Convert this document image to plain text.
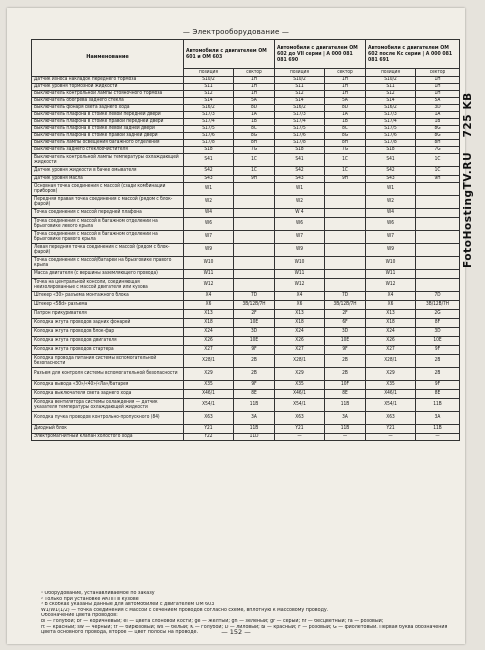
— Электрооборудование —
Наименование	Автомобили с двигателем ОМ 601 и ОМ 603		Автомобили с двигателем ОМ 602 до VII серии | А 000 081 081 690		Автомобили с двигателем ОМ 602 после Кс серии | А 000 081 081 691	
	позиция	сектор	позиция	сектор	позиция	сектор
Датчик износа накладок переднего тормоза	S10/2	1H	S10/2	1H	S10/2	1H
Датчик уровня тормозной жидкости	S11	1H	S11	1H	S11	1H
Выключатель контрольной лампы стояночного тормоза	S12	1H	S12	1H	S12	1H
Выключатель обогрева заднего стекла	S14	5A	S14	5A	S14	5A
Выключатель фонаря света заднего хода	S16/2	8D	S16/2	8D	S16/2	3D
Выключатель плафона в стойке левой передней двери	S17/3	1A	S17/3	1A	S17/3	1A
Выключатель плафона в стойке правой передней двери	S17/4	1B	S17/4	1B	S17/4	1B
Выключатель плафона в стойке левой задней двери	S17/5	8C	S17/5	8C	S17/5	8G
Выключатель плафона в стойке правой задней двери	S17/6	8G	S17/6	8G	S17/6	8G
Выключатель лампы освещения багажного отделения	S17/8	8H	S17/8	8H	S17/8	8H
Выключатель заднего стеклоочистителя	S18	7G	S18	7G	S18	7G
Выключатель контрольной лампы температуры охлаждающей жидкости	S41	1C	S41	1C	S41	1C
Датчик уровня жидкости в бачке омывателя	S42	1C	S42	1C	S42	1C
Датчик уровня масла	S43	9H	S43	9H	S43	9H
Основная точка соединения с массой (сзади комбинации приборов)	W1		W1		W1	
Передняя правая точка соединения с массой (рядом с блок-фарой)	W2		W2		W2	
Точка соединения с массой передней плафона	W4		W 4		W4	
Точка соединения с массой в багажном отделении на брызговике левого крыла	W6		W6		W6	
Точка соединения с массой в багажном отделении на брызговике правого крыла	W7		W7		W7	
Левая передняя точка соединения с массой (рядом с блок-фарой)	W9		W9		W9	
Точка соединения с массой/батареи на брызговике правого крыла	W10		W10		W10	
Масса двигателя (с вершины заземляющего провода)	W11		W11		W11	
Точка на центральной консоли, соединяющая неизолированные с массой двигателя или кузова	W12		W12		W12	
Штекер «30» разъема монтажного блока	X4	7D	X4	7D	X4	7D
Штекер «58d» разъема	X6	3B/12B/7H	X6	3B/12B/7H	X6	3B/12B/7H
Патрон прикуривателя	X13	2F	X13	2F	X13	2G
Колодка жгута проводов задних фонарей	X18	10E	X18	6F	X18	8F
Колодка жгута проводов блок-фар	X24	3D	X24	3D	X24	3D
Колодка жгута проводов двигателя	X26	10E	X26	10E	X26	10E
Колодка жгута проводов стартера	X27	9F	X27	9F	X27	9F
Колодка провода питания системы вспомогательной безопасности	X28/1	2B	X28/1	2B	X28/1	2B
Разъем для контроля системы вспомогательной безопасности	X29	2B	X29	2B	X29	2B
Колодка вывода «30»/«40»/«Ла»/батарея	X35	9F	X35	10F	X35	9F
Колодка выключателя света заднего хода	X46/1	8E	X46/1	8E	X46/1	8E
Колодка вентилятора системы охлаждения — датчик указателя температуры охлаждающей жидкости	X54/1	11B	X54/1	11B	X54/1	11B
Колодка пучка проводов контрольно-пропускного (84)	X63	3A	X63	3A	X63	3A
Диодный блок	Y21	11B	Y21	11B	Y21	11B
Электромагнитный клапан холостого хода	Y22	11D	—	—	—	—
¹ Оборудование, устанавливаемое по заказу
² Только при установке АКПП в кузове
³ В скобках указаны данные для автомобилей с двигателем ОМ 603
W1/W1(1/2) — точка соединения с массой с сечением проводов согласно схеме, вплотную к массовому проводу.
Обозначение цвета проводов:
bl — голубой; br — коричневый; el — цвета слоновой кости; ge — желтый; gn — зеленый; gr — серый; nf — бесцветный; ra — розовый;
rt — красный; sw — черный; tr — бирюзовый; ws — белый; K — голубой; D — лиловый; Ы — красный; F — розовый; G — фиолетовый. Первая буква обозначения
цвета основного провода, второе — цвет полосы на проводе.	— 152 —
FotoHostingTV.RU 725 KB
